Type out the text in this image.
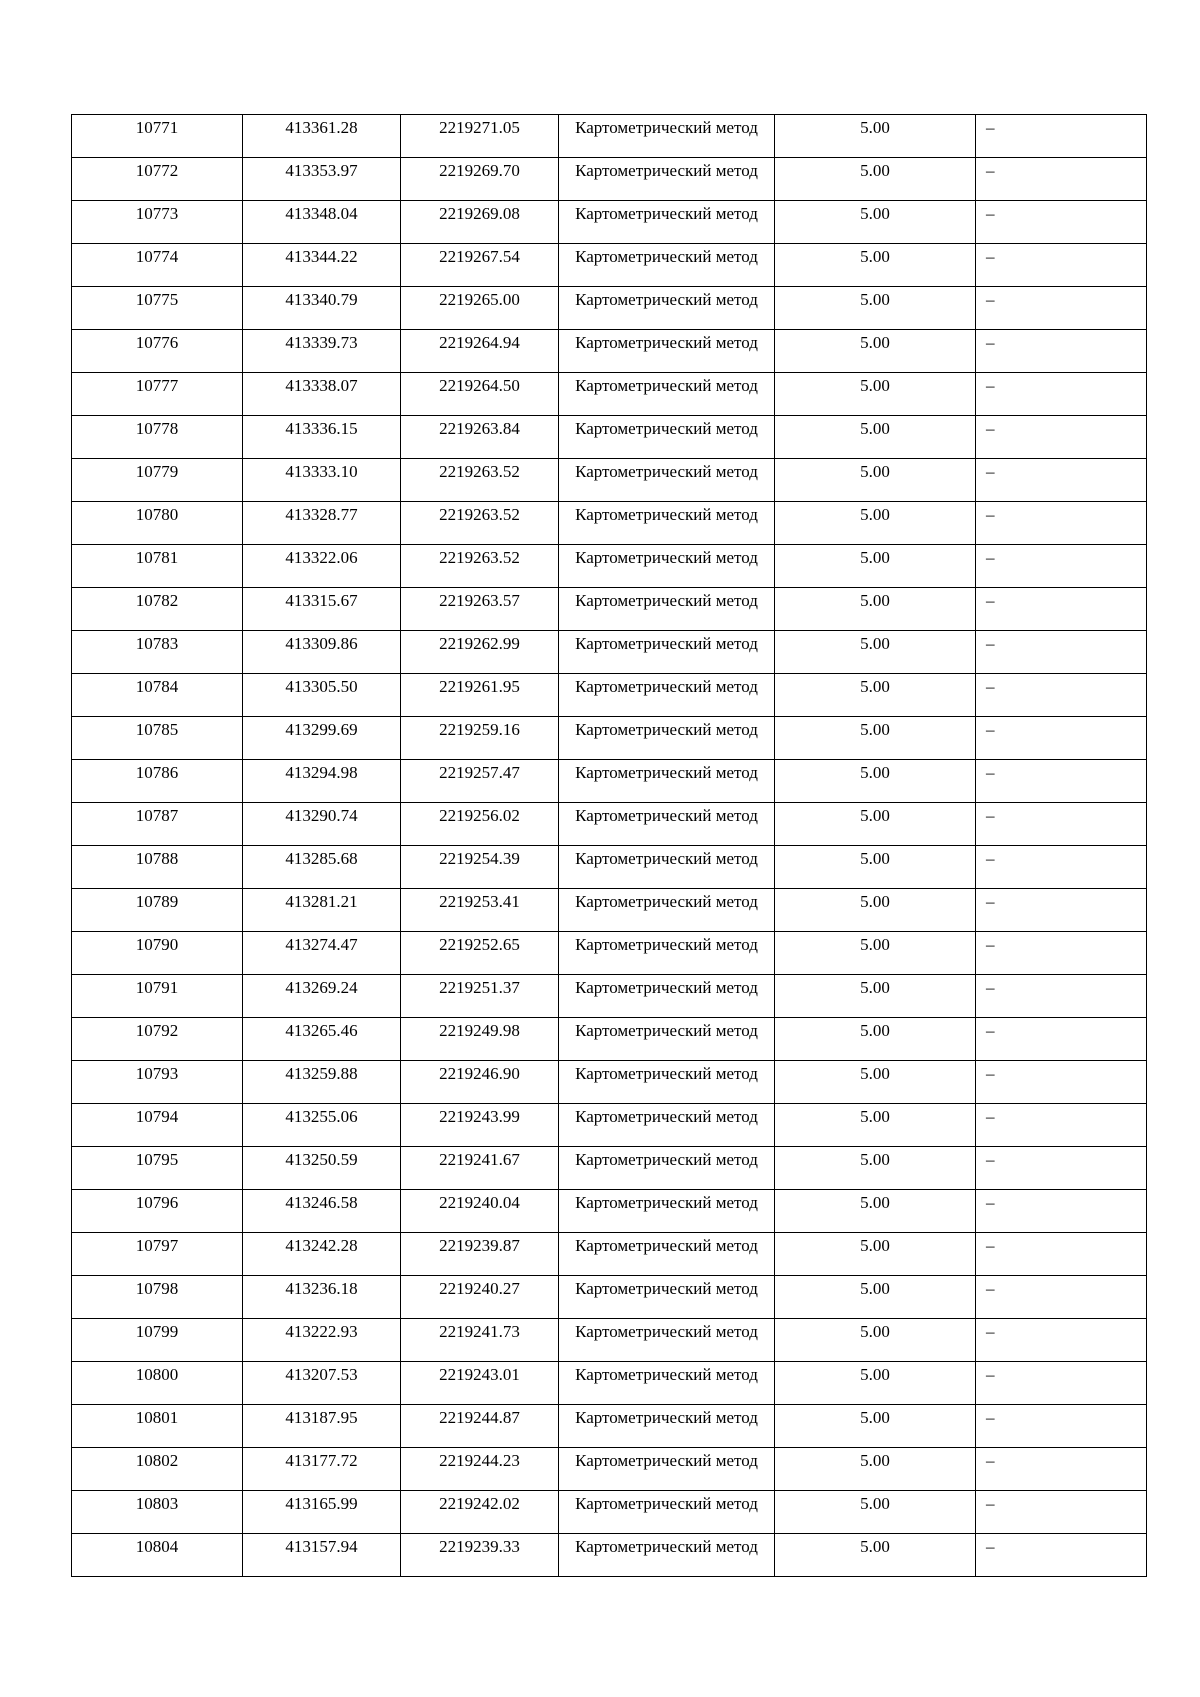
10771	413361.28	2219271.05	Картометрический метод	5.00	–

10772	413353.97	2219269.70	Картометрический метод	5.00	–

10773	413348.04	2219269.08	Картометрический метод	5.00	–

10774	413344.22	2219267.54	Картометрический метод	5.00	–

10775	413340.79	2219265.00	Картометрический метод	5.00	–

10776	413339.73	2219264.94	Картометрический метод	5.00	–

10777	413338.07	2219264.50	Картометрический метод	5.00	–

10778	413336.15	2219263.84	Картометрический метод	5.00	–

10779	413333.10	2219263.52	Картометрический метод	5.00	–

10780	413328.77	2219263.52	Картометрический метод	5.00	–

10781	413322.06	2219263.52	Картометрический метод	5.00	–

10782	413315.67	2219263.57	Картометрический метод	5.00	–

10783	413309.86	2219262.99	Картометрический метод	5.00	–

10784	413305.50	2219261.95	Картометрический метод	5.00	–

10785	413299.69	2219259.16	Картометрический метод	5.00	–

10786	413294.98	2219257.47	Картометрический метод	5.00	–

10787	413290.74	2219256.02	Картометрический метод	5.00	–

10788	413285.68	2219254.39	Картометрический метод	5.00	–

10789	413281.21	2219253.41	Картометрический метод	5.00	–

10790	413274.47	2219252.65	Картометрический метод	5.00	–

10791	413269.24	2219251.37	Картометрический метод	5.00	–

10792	413265.46	2219249.98	Картометрический метод	5.00	–

10793	413259.88	2219246.90	Картометрический метод	5.00	–

10794	413255.06	2219243.99	Картометрический метод	5.00	–

10795	413250.59	2219241.67	Картометрический метод	5.00	–

10796	413246.58	2219240.04	Картометрический метод	5.00	–

10797	413242.28	2219239.87	Картометрический метод	5.00	–

10798	413236.18	2219240.27	Картометрический метод	5.00	–

10799	413222.93	2219241.73	Картометрический метод	5.00	–

10800	413207.53	2219243.01	Картометрический метод	5.00	–

10801	413187.95	2219244.87	Картометрический метод	5.00	–

10802	413177.72	2219244.23	Картометрический метод	5.00	–

10803	413165.99	2219242.02	Картометрический метод	5.00	–

10804	413157.94	2219239.33	Картометрический метод	5.00	–
